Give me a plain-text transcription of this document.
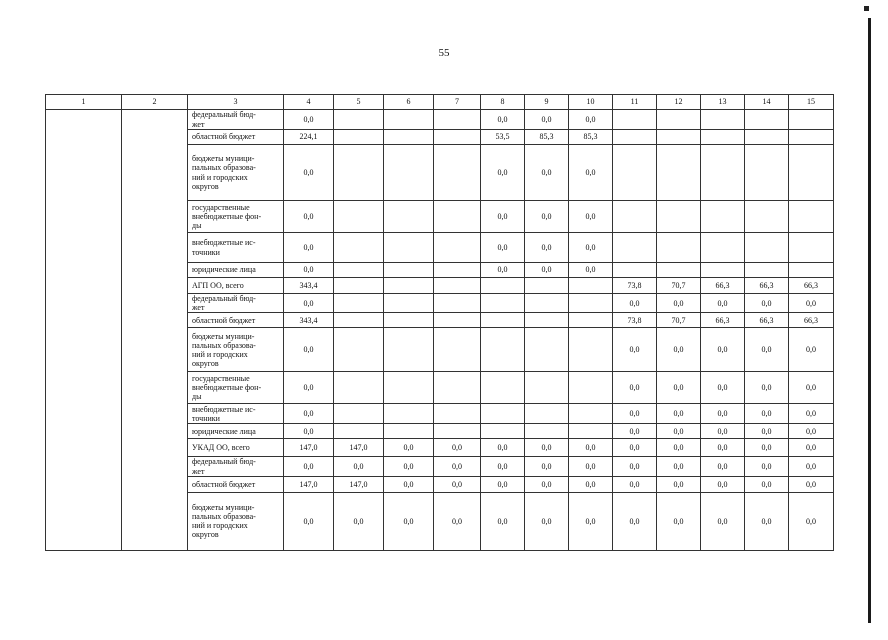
55
1	2	3	4	5	6	7	8	9	10	11	12	13	14	15
		федеральный бюд-
жет	0,0				0,0	0,0	0,0					
		областной бюджет	224,1				53,5	85,3	85,3					
		бюджеты муници-
пальных образова-
ний и городских
округов	0,0				0,0	0,0	0,0					
		государственные
внебюджетные фон-
ды	0,0				0,0	0,0	0,0					
		внебюджетные ис-
точники	0,0				0,0	0,0	0,0					
		юридические лица	0,0				0,0	0,0	0,0					
		АГП ОО, всего	343,4							73,8	70,7	66,3	66,3	66,3
		федеральный бюд-
жет	0,0							0,0	0,0	0,0	0,0	0,0
		областной бюджет	343,4							73,8	70,7	66,3	66,3	66,3
		бюджеты муници-
пальных образова-
ний и городских
округов	0,0							0,0	0,0	0,0	0,0	0,0
		государственные
внебюджетные фон-
ды	0,0							0,0	0,0	0,0	0,0	0,0
		внебюджетные ис-
точники	0,0							0,0	0,0	0,0	0,0	0,0
		юридические лица	0,0							0,0	0,0	0,0	0,0	0,0
		УКАД ОО, всего	147,0	147,0	0,0	0,0	0,0	0,0	0,0	0,0	0,0	0,0	0,0	0,0
		федеральный бюд-
жет	0,0	0,0	0,0	0,0	0,0	0,0	0,0	0,0	0,0	0,0	0,0	0,0
		областной бюджет	147,0	147,0	0,0	0,0	0,0	0,0	0,0	0,0	0,0	0,0	0,0	0,0
		бюджеты муници-
пальных образова-
ний и городских
округов	0,0	0,0	0,0	0,0	0,0	0,0	0,0	0,0	0,0	0,0	0,0	0,0
